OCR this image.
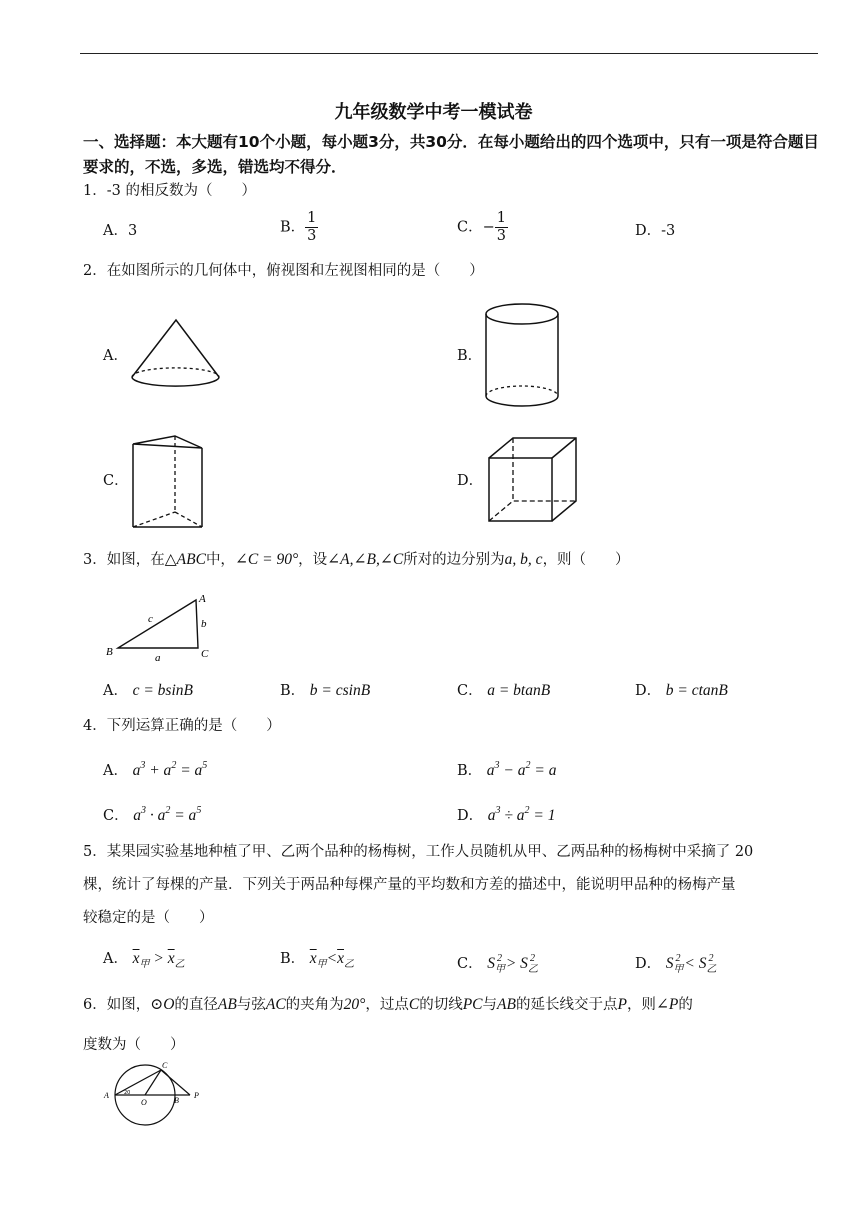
九年级数学中考一模试卷
一、选择题：本大题有10个小题，每小题3分，共30分．在每小题给出的四个选项中，只有一项是符合题目要求的，不选，多选，错选均不得分．
1．-3 的相反数为（　　）
A．3	B． $\frac{1}{3}$	C．− $\frac{1}{3}$	D．-3
2．在如图所示的几何体中，俯视图和左视图相同的是（　　）
A．	B．
C．	D．
3．如图，在△ABC中，∠C = 90°，设∠A,∠B,∠C所对的边分别为a, b, c，则（　　）
A
B	C
a
b
c
A． c = bsinB	B． b = csinB	C． a = btanB	D． b = ctanB
4．下列运算正确的是（　　）
A． $a^3 + a^2 = a^5$	B． $a^3 - a^2 = a$
C． $a^3 \cdot a^2 = a^5$	D． $a^3 \div a^2 = 1$
5．某果园实验基地种植了甲、乙两个品种的杨梅树，工作人员随机从甲、乙两品种的杨梅树中采摘了 20
棵，统计了每棵的产量．下列关于两品种每棵产量的平均数和方差的描述中，能说明甲品种的杨梅产量
较稳定的是（　　）
A． $\overline{x}_甲 > \overline{x}_乙$	B． $\overline{x}_甲<\overline{x}_乙$	C． $S_甲^2 > S_乙^2$	D． $S_甲^2 < S_乙^2$
6．如图，⊙O的直径AB与弦AC的夹角为20°，过点C的切线PC与AB的延长线交于点P，则∠P的
度数为（　　）
A
O	B
C
P
20
